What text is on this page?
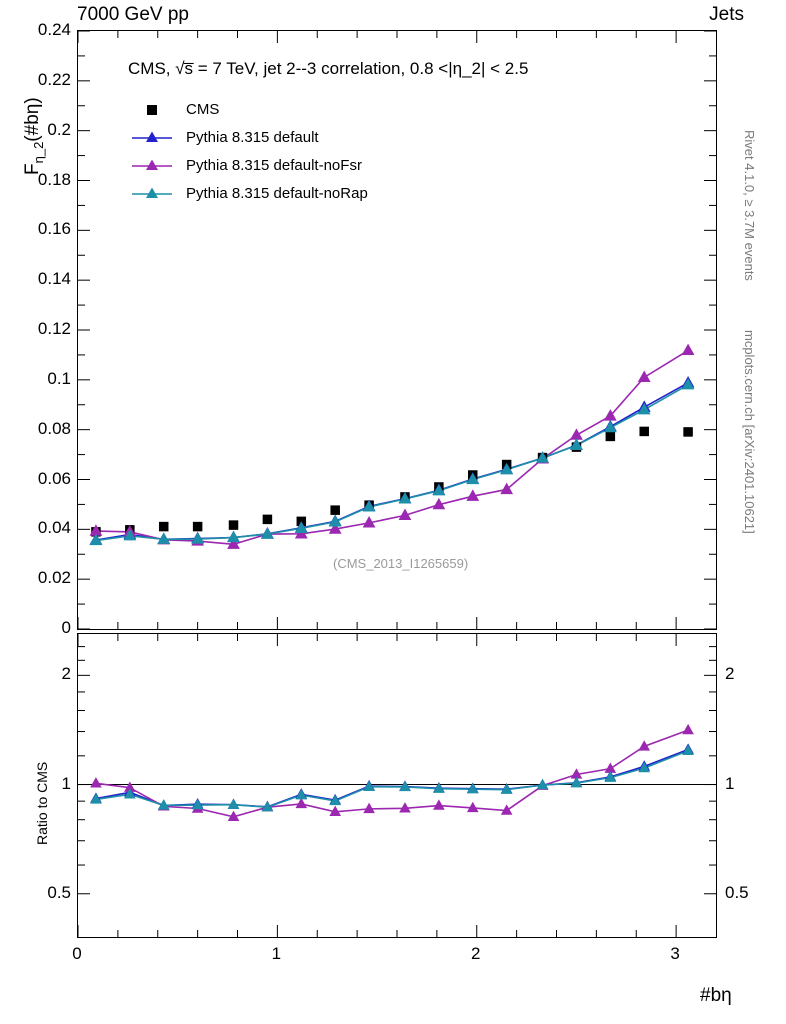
7000 GeV pp	Jets
Rivet 4.1.0, ≥ 3.7M events
mcplots.cern.ch [arXiv:2401.10621]
$F_{\eta\_2}(\#b\eta)$
Ratio to CMS
#bη
CMS, √s̅ = 7 TeV, jet 2--3 correlation, 0.8 <|η_2| < 2.5
(CMS_2013_I1265659)
0
0.02
0.04
0.06
0.08
0.1
0.12
0.14
0.16
0.18
0.2
0.22
0.24
0.5	0.5
1	1
2	2
0	1	2	3
CMS
Pythia 8.315 default
Pythia 8.315 default-noFsr
Pythia 8.315 default-noRap
